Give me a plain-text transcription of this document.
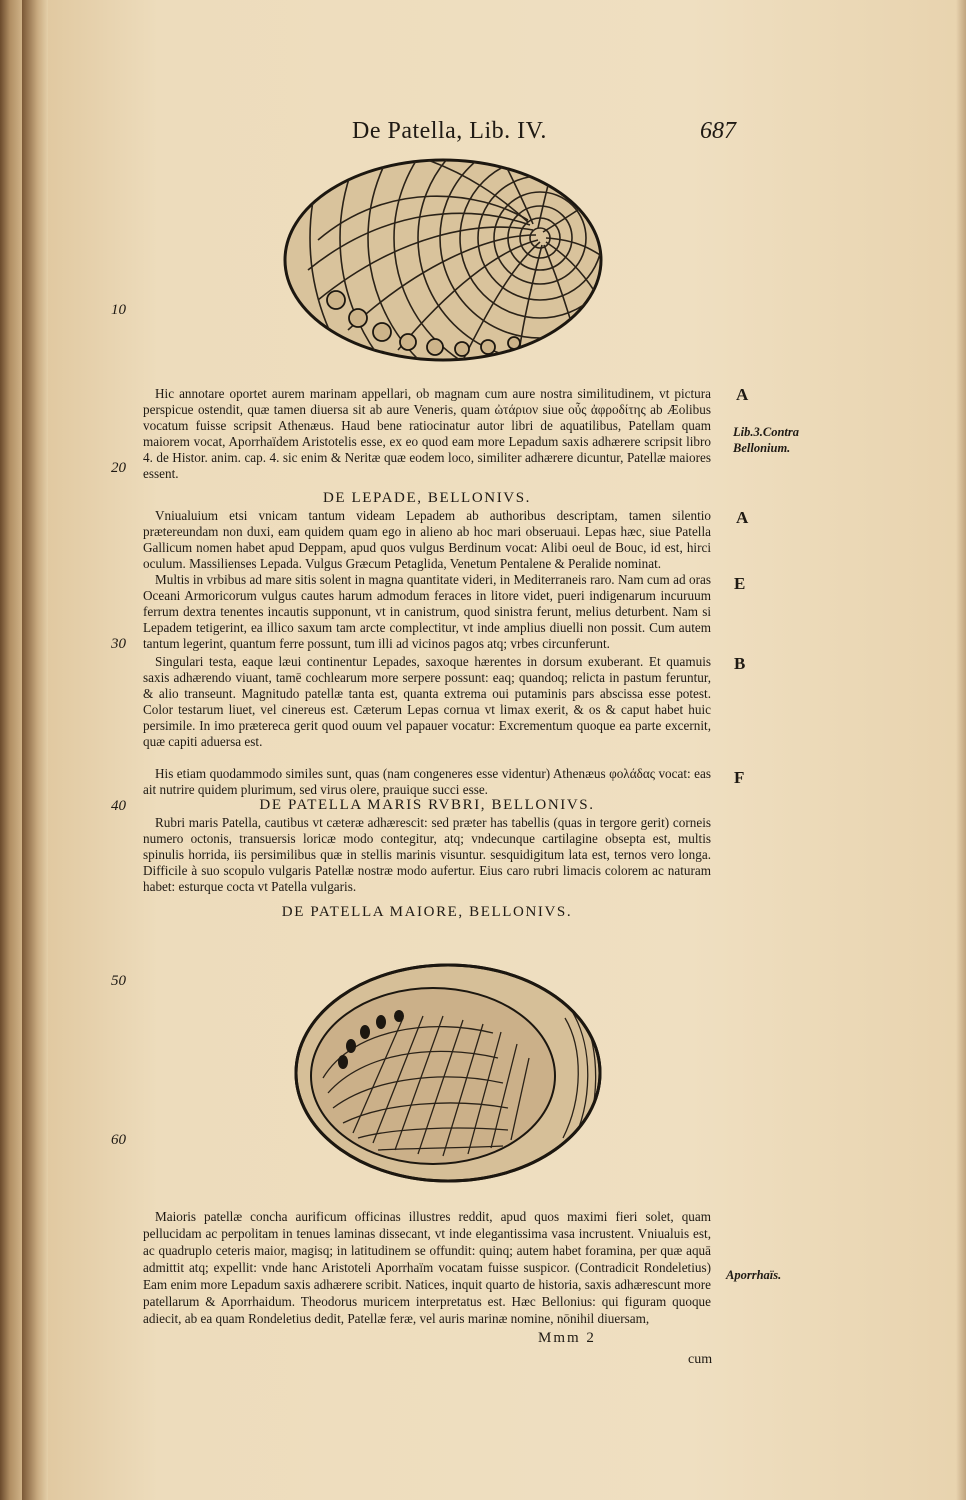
De Patella, Lib. IV.	687
10
20
30
40
50
60
A
A
E
B
F
Lib.3.Contra Bellonium.
Aporrhaïs.
Hic annotare oportet aurem marinam appellari, ob magnam cum aure nostra similitudinem, vt pictura perspicue ostendit, quæ tamen diuersa sit ab aure Veneris, quam ὠτάριον siue οὖς ἀφροδίτης ab Æolibus vocatum fuisse scripsit Athenæus. Haud bene ratiocinatur autor libri de aquatilibus, Patellam quam maiorem vocat, Aporrhaïdem Aristotelis esse, ex eo quod eam more Lepadum saxis adhærere scripsit libro 4. de Histor. anim. cap. 4. sic enim & Neritæ quæ eodem loco, similiter adhærere dicuntur, Patellæ maiores essent.
DE LEPADE, BELLONIVS.
Vniualuium etsi vnicam tantum videam Lepadem ab authoribus descriptam, tamen silentio prætereundam non duxi, eam quidem quam ego in alieno ab hoc mari obseruaui. Lepas hæc, siue Patella Gallicum nomen habet apud Deppam, apud quos vulgus Berdinum vocat: Alibi oeul de Bouc, id est, hirci oculum. Massilienses Lepada. Vulgus Græcum Petaglida, Venetum Pentalene & Peralide nominat.
Multis in vrbibus ad mare sitis solent in magna quantitate videri, in Mediterraneis raro. Nam cum ad oras Oceani Armoricorum vulgus cautes harum admodum feraces in litore videt, pueri indigenarum incuruum ferrum dextra tenentes incautis supponunt, vt in canistrum, quod sinistra ferunt, melius deturbent. Nam si Lepadem tetigerint, ea illico saxum tam arcte complectitur, vt inde amplius diuelli non possit. Cum autem tantum legerint, quantum ferre possunt, tum illi ad vicinos pagos atq; vrbes circunferunt.
Singulari testa, eaque læui continentur Lepades, saxoque hærentes in dorsum exuberant. Et quamuis saxis adhærendo viuant, tamē cochlearum more serpere possunt: eaq; quandoq; relicta in pastum feruntur, & alio transeunt. Magnitudo patellæ tanta est, quanta extrema oui putaminis pars abscissa esse potest. Color testarum liuet, vel cinereus est. Cæterum Lepas cornua vt limax exerit, & os & caput habet huic persimile. In imo prætereca gerit quod ouum vel papauer vocatur: Excrementum quoque ea parte excernit, quæ capiti aduersa est.
His etiam quodammodo similes sunt, quas (nam congeneres esse videntur) Athenæus φολάδας vocat: eas ait nutrire quidem plurimum, sed virus olere, prauique succi esse.
DE PATELLA MARIS RVBRI, BELLONIVS.
Rubri maris Patella, cautibus vt cæteræ adhærescit: sed præter has tabellis (quas in tergore gerit) corneis numero octonis, transuersis loricæ modo contegitur, atq; vndecunque cartilagine obsepta est, multis spinulis horrida, iis persimilibus quæ in stellis marinis visuntur. sesquidigitum lata est, ternos vero longa. Difficile à suo scopulo vulgaris Patellæ nostræ modo aufertur. Eius caro rubri limacis colorem ac naturam habet: esturque cocta vt Patella vulgaris.
DE PATELLA MAIORE, BELLONIVS.
Maioris patellæ concha aurificum officinas illustres reddit, apud quos maximi fieri solet, quam pellucidam ac perpolitam in tenues laminas dissecant, vt inde elegantissima vasa incrustent. Vniualuis est, ac quadruplo ceteris maior, magisq; in latitudinem se offundit: quinq; autem habet foramina, per quæ aquā admittit atq; expellit: vnde hanc Aristoteli Aporrhaïm vocatam fuisse suspicor. (Contradicit Rondeletius) Eam enim more Lepadum saxis adhærere scribit. Natices, inquit quarto de historia, saxis adhærescunt more patellarum & Aporrhaidum. Theodorus muricem interpretatus est. Hæc Bellonius: qui figuram quoque adiecit, ab ea quam Rondeletius dedit, Patellæ feræ, vel auris marinæ nomine, nōnihil diuersam,
Mmm 2
cum
